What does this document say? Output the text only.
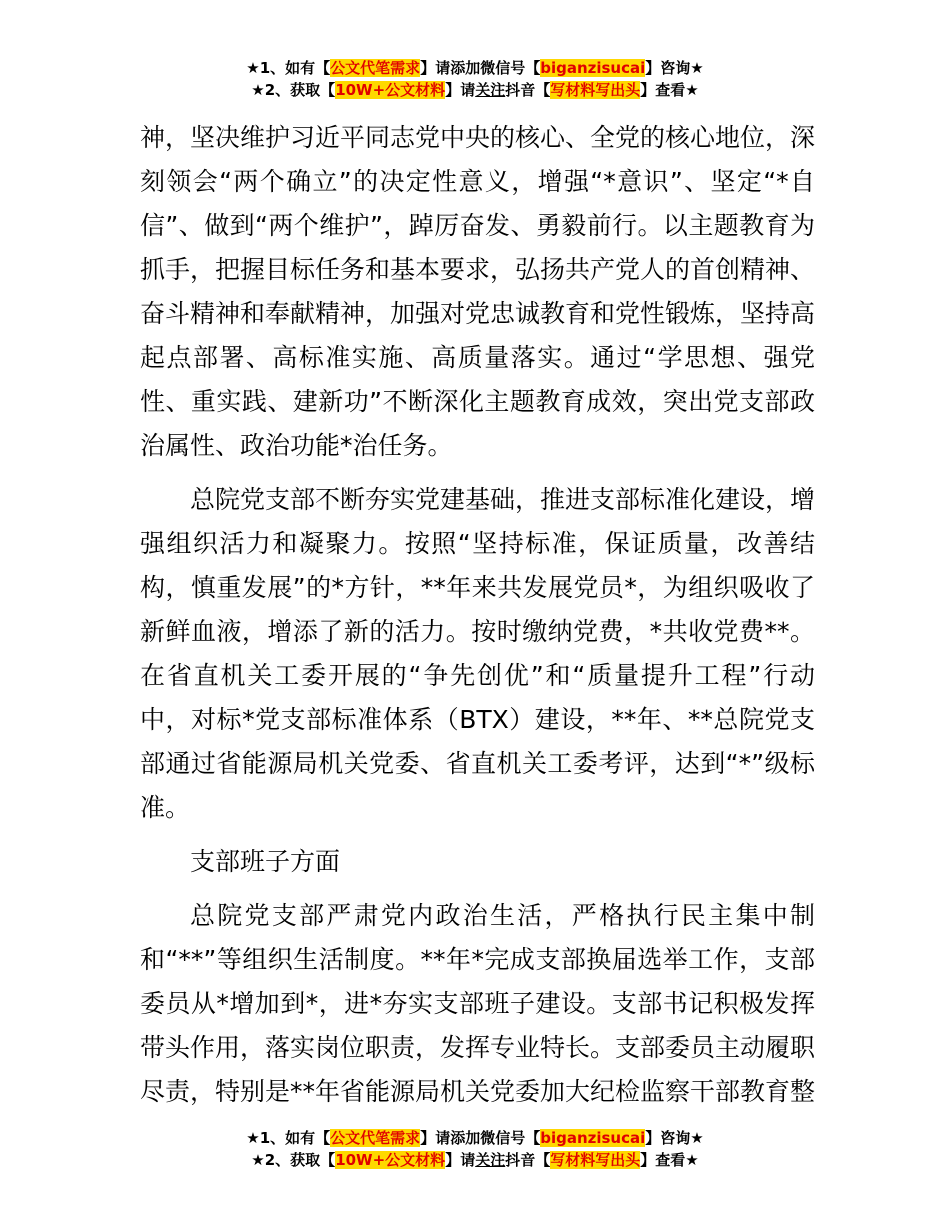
★1、如有【公文代笔需求】请添加微信号【biganzisucai】咨询★
★2、获取【10W+公文材料】请关注抖音【写材料写出头】查看★

神，坚决维护习近平同志党中央的核心、全党的核心地位，深刻领会“两个确立”的决定性意义，增强“*意识”、坚定“*自信”、做到“两个维护”，踔厉奋发、勇毅前行。以主题教育为抓手，把握目标任务和基本要求，弘扬共产党人的首创精神、奋斗精神和奉献精神，加强对党忠诚教育和党性锻炼，坚持高起点部署、高标准实施、高质量落实。通过“学思想、强党性、重实践、建新功”不断深化主题教育成效，突出党支部政治属性、政治功能*治任务。

总院党支部不断夯实党建基础，推进支部标准化建设，增强组织活力和凝聚力。按照“坚持标准，保证质量，改善结构，慎重发展”的*方针，**年来共发展党员*，为组织吸收了新鲜血液，增添了新的活力。按时缴纳党费，*共收党费**。在省直机关工委开展的“争先创优”和“质量提升工程”行动中，对标*党支部标准体系（BTX）建设，**年、**总院党支部通过省能源局机关党委、省直机关工委考评，达到“*”级标准。

支部班子方面

总院党支部严肃党内政治生活，严格执行民主集中制和“**”等组织生活制度。**年*完成支部换届选举工作，支部委员从*增加到*，进*夯实支部班子建设。支部书记积极发挥带头作用，落实岗位职责，发挥专业特长。支部委员主动履职尽责，特别是**年省能源局机关党委加大纪检监察干部教育整

★1、如有【公文代笔需求】请添加微信号【biganzisucai】咨询★
★2、获取【10W+公文材料】请关注抖音【写材料写出头】查看★
